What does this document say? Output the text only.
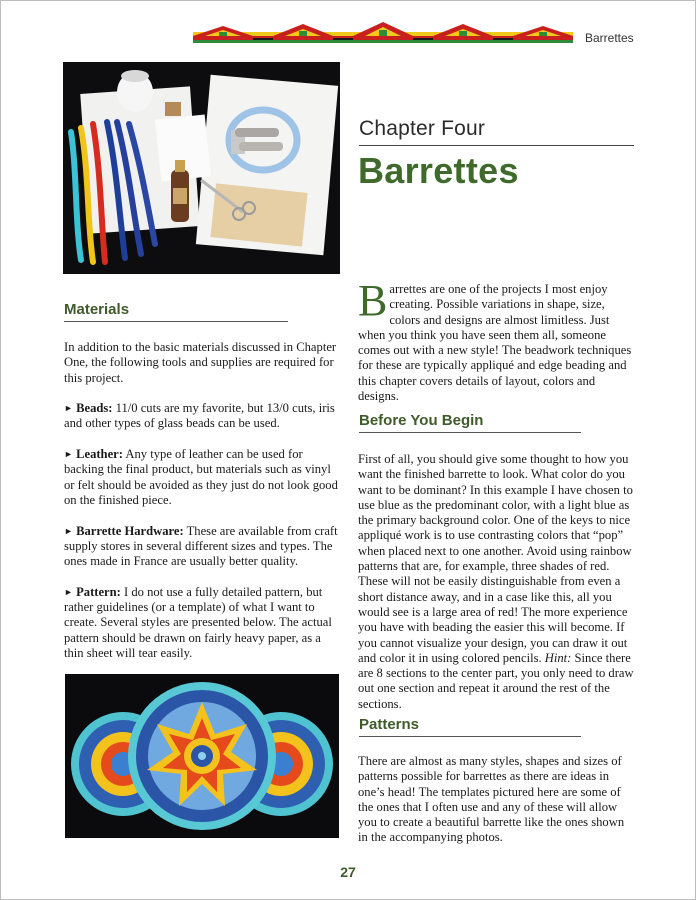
Barrettes
Chapter Four
Barrettes
Materials

In addition to the basic materials discussed in Chapter One, the following tools and supplies are required for this project.

► Beads: 11/0 cuts are my favorite, but 13/0 cuts, iris and other types of glass beads can be used.

► Leather: Any type of leather can be used for backing the final product, but materials such as vinyl or felt should be avoided as they just do not look good on the finished piece.

► Barrette Hardware: These are available from craft supply stores in several different sizes and types. The ones made in France are usually better quality.

► Pattern: I do not use a fully detailed pattern, but rather guidelines (or a template) of what I want to create. Several styles are presented below. The actual pattern should be drawn on fairly heavy paper, as a thin sheet will tear easily.

Barrettes are one of the projects I most enjoy creating. Possible variations in shape, size, colors and designs are almost limitless. Just when you think you have seen them all, someone comes out with a new style! The beadwork techniques for these are typically appliqué and edge beading and this chapter covers details of layout, colors and designs.
Before You Begin
First of all, you should give some thought to how you want the finished barrette to look. What color do you want to be dominant? In this example I have chosen to use blue as the predominant color, with a light blue as the primary background color. One of the keys to nice appliqué work is to use contrasting colors that “pop” when placed next to one another. Avoid using rainbow patterns that are, for example, three shades of red. These will not be easily distinguishable from even a short distance away, and in a case like this, all you would see is a large area of red! The more experience you have with beading the easier this will become. If you cannot visualize your design, you can draw it out and color it in using colored pencils. Hint: Since there are 8 sections to the center part, you only need to draw out one section and repeat it around the rest of the sections.
Patterns
There are almost as many styles, shapes and sizes of patterns possible for barrettes as there are ideas in one’s head! The templates pictured here are some of the ones that I often use and any of these will allow you to create a beautiful barrette like the ones shown in the accompanying photos.
27
